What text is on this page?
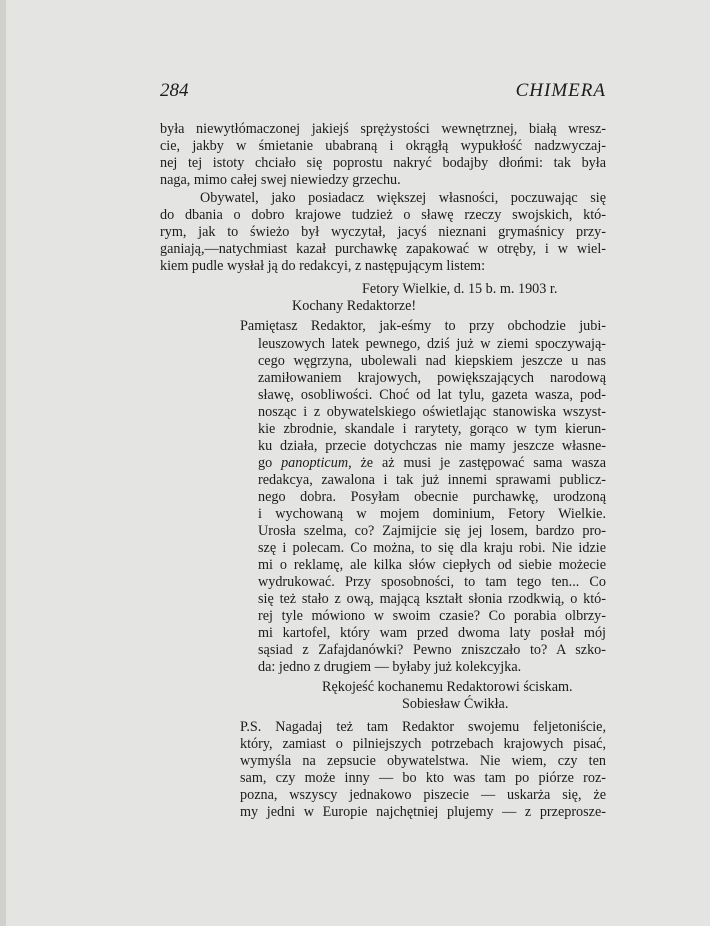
284	CHIMERA
była niewytłómaczonej jakiejś sprężystości wewnętrznej, białą wresz-
cie, jakby w śmietanie ubabraną i okrągłą wypukłość nadzwyczaj-
nej tej istoty chciało się poprostu nakryć bodajby dłońmi: tak była
naga, mimo całej swej niewiedzy grzechu.
Obywatel, jako posiadacz większej własności, poczuwając się
do dbania o dobro krajowe tudzież o sławę rzeczy swojskich, któ-
rym, jak to świeżo był wyczytał, jacyś nieznani grymaśnicy przy-
ganiają,—natychmiast kazał purchawkę zapakować w otręby, i w wiel-
kiem pudle wysłał ją do redakcyi, z następującym listem:
Fetory Wielkie, d. 15 b. m. 1903 r.
Kochany Redaktorze!
Pamiętasz Redaktor, jak-eśmy to przy obchodzie jubi-
leuszowych latek pewnego, dziś już w ziemi spoczywają-
cego węgrzyna, ubolewali nad kiepskiem jeszcze u nas
zamiłowaniem krajowych, powiększających narodową
sławę, osobliwości. Choć od lat tylu, gazeta wasza, pod-
nosząc i z obywatelskiego oświetlając stanowiska wszyst-
kie zbrodnie, skandale i rarytety, gorąco w tym kierun-
ku działa, przecie dotychczas nie mamy jeszcze własne-
go panopticum, że aż musi je zastępować sama wasza
redakcya, zawalona i tak już innemi sprawami publicz-
nego dobra. Posyłam obecnie purchawkę, urodzoną
i wychowaną w mojem dominium, Fetory Wielkie.
Urosła szelma, co? Zajmijcie się jej losem, bardzo pro-
szę i polecam. Co można, to się dla kraju robi. Nie idzie
mi o reklamę, ale kilka słów ciepłych od siebie możecie
wydrukować. Przy sposobności, to tam tego ten... Co
się też stało z ową, mającą kształt słonia rzodkwią, o któ-
rej tyle mówiono w swoim czasie? Co porabia olbrzy-
mi kartofel, który wam przed dwoma laty posłał mój
sąsiad z Zafajdanówki? Pewno zniszczało to? A szko-
da: jedno z drugiem — byłaby już kolekcyjka.
Rękojeść kochanemu Redaktorowi ściskam.
Sobiesław Ćwikła.
P.S. Nagadaj też tam Redaktor swojemu feljetoniście,
który, zamiast o pilniejszych potrzebach krajowych pisać,
wymyśla na zepsucie obywatelstwa. Nie wiem, czy ten
sam, czy może inny — bo kto was tam po piórze roz-
pozna, wszyscy jednakowo piszecie — uskarża się, że
my jedni w Europie najchętniej plujemy — z przeprosze-
